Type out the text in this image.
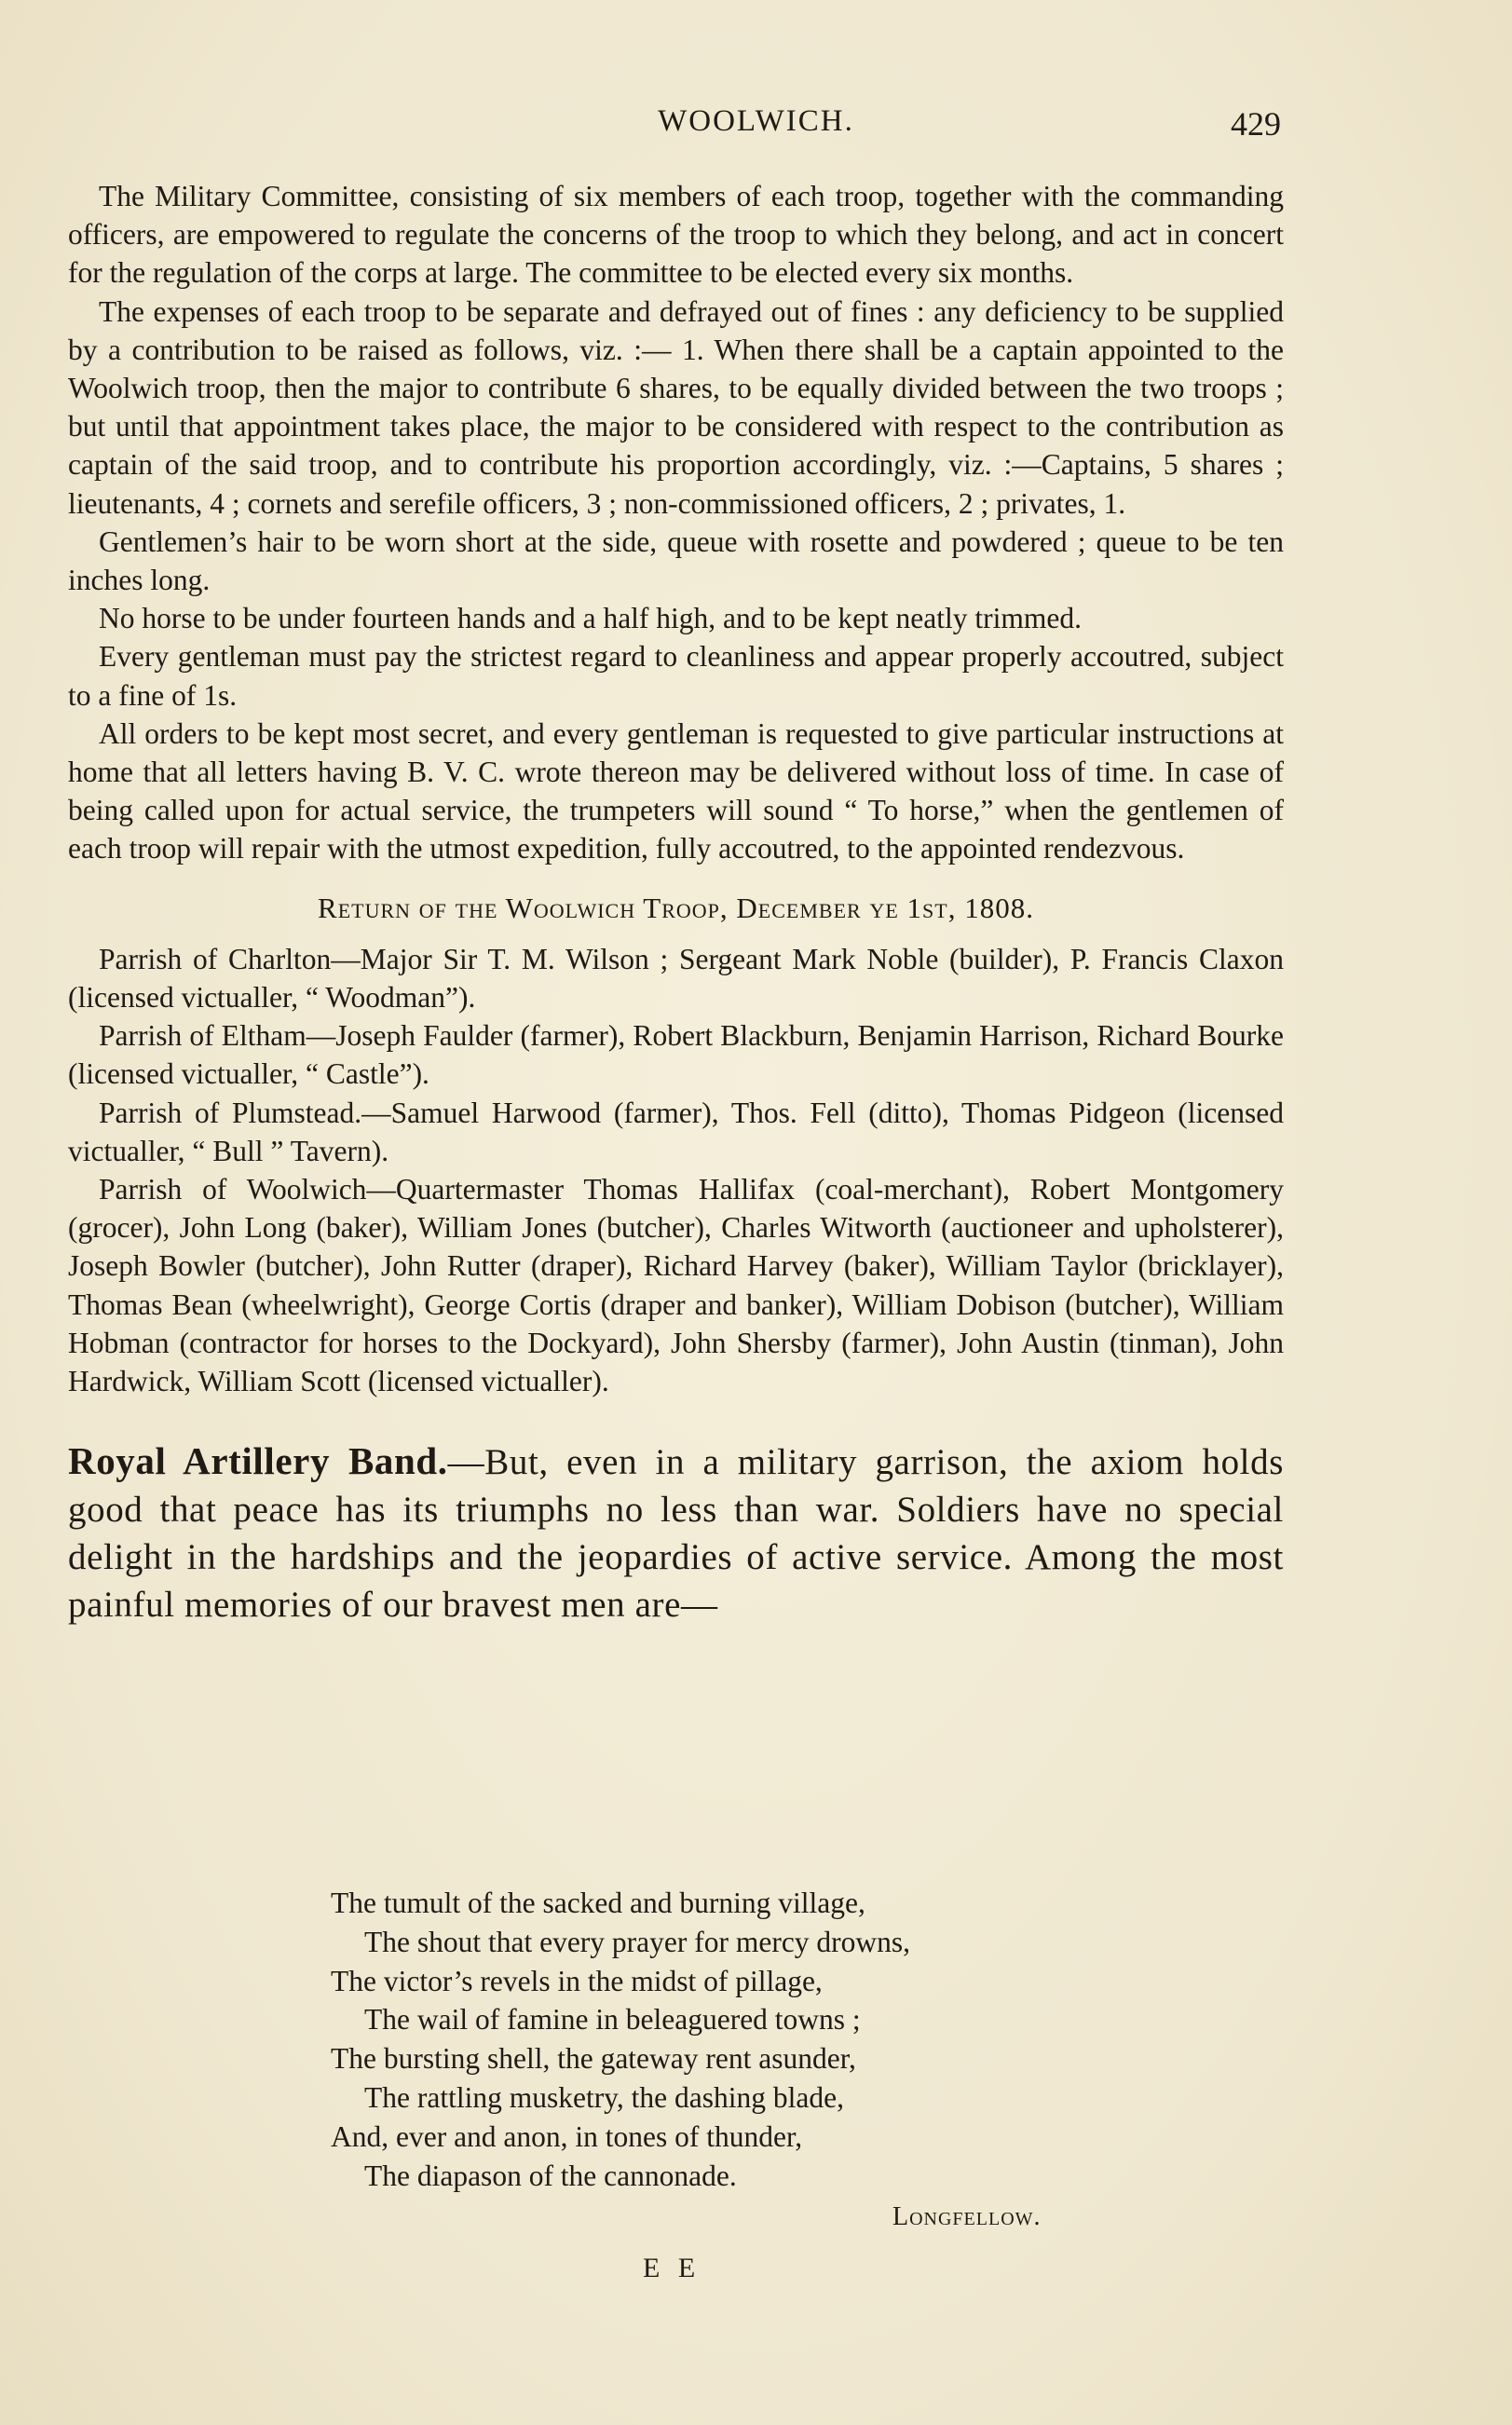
WOOLWICH.	429

The Military Committee, consisting of six members of each troop, together with the commanding officers, are empowered to regulate the concerns of the troop to which they belong, and act in concert for the regulation of the corps at large. The committee to be elected every six months.

The expenses of each troop to be separate and defrayed out of fines : any deficiency to be supplied by a contribution to be raised as follows, viz. :— 1. When there shall be a captain appointed to the Woolwich troop, then the major to contribute 6 shares, to be equally divided between the two troops ; but until that appointment takes place, the major to be considered with respect to the contribution as captain of the said troop, and to contribute his proportion accordingly, viz. :—Captains, 5 shares ; lieutenants, 4 ; cornets and serefile officers, 3 ; non-commissioned officers, 2 ; privates, 1.

Gentlemen’s hair to be worn short at the side, queue with rosette and powdered ; queue to be ten inches long.

No horse to be under fourteen hands and a half high, and to be kept neatly trimmed.

Every gentleman must pay the strictest regard to cleanliness and appear properly accoutred, subject to a fine of 1s.

All orders to be kept most secret, and every gentleman is requested to give particular instructions at home that all letters having B. V. C. wrote thereon may be delivered without loss of time. In case of being called upon for actual service, the trumpeters will sound “ To horse,” when the gentlemen of each troop will repair with the utmost expedition, fully accoutred, to the appointed rendezvous.

Return of the Woolwich Troop, December ye 1st, 1808.

Parrish of Charlton—Major Sir T. M. Wilson ; Sergeant Mark Noble (builder), P. Francis Claxon (licensed victualler, “ Woodman”).

Parrish of Eltham—Joseph Faulder (farmer), Robert Blackburn, Benjamin Harrison, Richard Bourke (licensed victualler, “ Castle”).

Parrish of Plumstead.—Samuel Harwood (farmer), Thos. Fell (ditto), Thomas Pidgeon (licensed victualler, “ Bull ” Tavern).

Parrish of Woolwich—Quartermaster Thomas Hallifax (coal-merchant), Robert Montgomery (grocer), John Long (baker), William Jones (butcher), Charles Witworth (auctioneer and upholsterer), Joseph Bowler (butcher), John Rutter (draper), Richard Harvey (baker), William Taylor (bricklayer), Thomas Bean (wheelwright), George Cortis (draper and banker), William Dobison (butcher), William Hobman (contractor for horses to the Dockyard), John Shersby (farmer), John Austin (tinman), John Hardwick, William Scott (licensed victualler).

Royal Artillery Band.—But, even in a military garrison, the axiom holds good that peace has its triumphs no less than war. Soldiers have no special delight in the hardships and the jeopardies of active service. Among the most painful memories of our bravest men are—

The tumult of the sacked and burning village,
The shout that every prayer for mercy drowns,
The victor’s revels in the midst of pillage,
The wail of famine in beleaguered towns ;
The bursting shell, the gateway rent asunder,
The rattling musketry, the dashing blade,
And, ever and anon, in tones of thunder,
The diapason of the cannonade.
Longfellow.
E E
